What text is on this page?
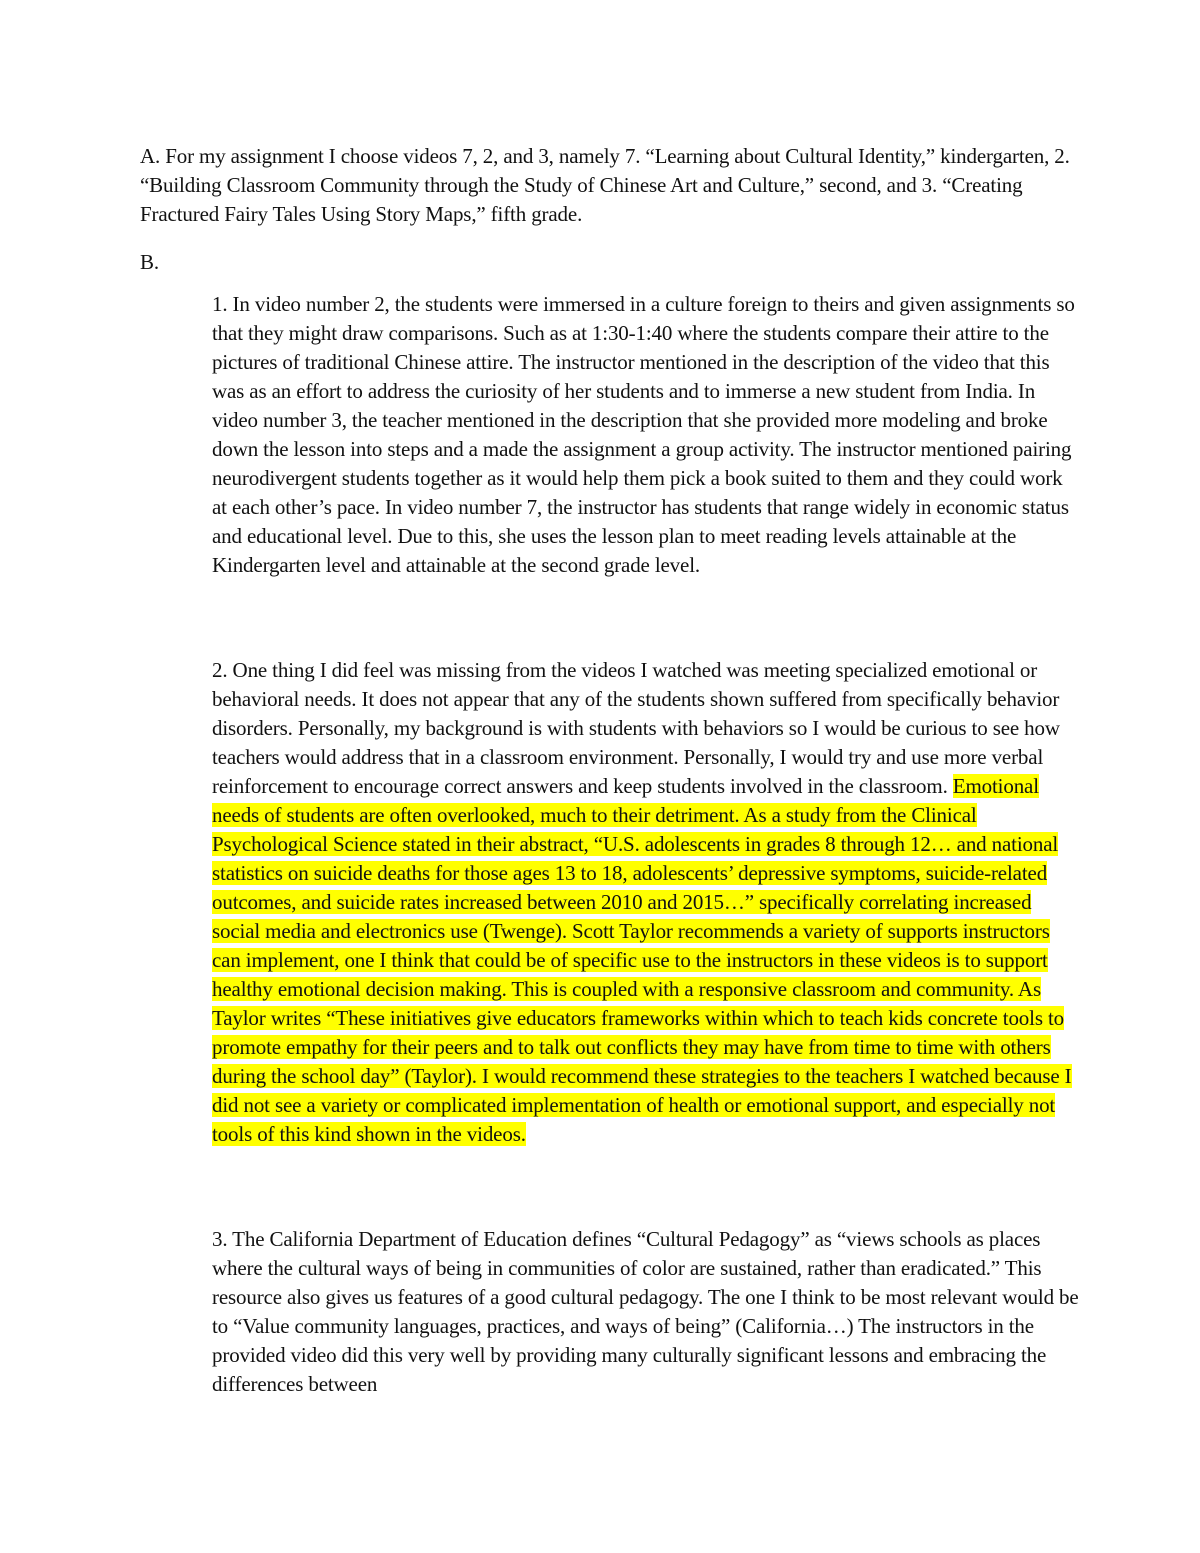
A. For my assignment I choose videos 7, 2, and 3, namely 7. “Learning about Cultural Identity,” kindergarten, 2. “Building Classroom Community through the Study of Chinese Art and Culture,” second, and 3. “Creating Fractured Fairy Tales Using Story Maps,” fifth grade.

B.

1. In video number 2, the students were immersed in a culture foreign to theirs and given assignments so that they might draw comparisons. Such as at 1:30-1:40 where the students compare their attire to the pictures of traditional Chinese attire. The instructor mentioned in the description of the video that this was as an effort to address the curiosity of her students and to immerse a new student from India. In video number 3, the teacher mentioned in the description that she provided more modeling and broke down the lesson into steps and a made the assignment a group activity. The instructor mentioned pairing neurodivergent students together as it would help them pick a book suited to them and they could work at each other’s pace. In video number 7, the instructor has students that range widely in economic status and educational level. Due to this, she uses the lesson plan to meet reading levels attainable at the Kindergarten level and attainable at the second grade level.

2. One thing I did feel was missing from the videos I watched was meeting specialized emotional or behavioral needs. It does not appear that any of the students shown suffered from specifically behavior disorders. Personally, my background is with students with behaviors so I would be curious to see how teachers would address that in a classroom environment. Personally, I would try and use more verbal reinforcement to encourage correct answers and keep students involved in the classroom. Emotional needs of students are often overlooked, much to their detriment. As a study from the Clinical Psychological Science stated in their abstract, “U.S. adolescents in grades 8 through 12… and national statistics on suicide deaths for those ages 13 to 18, adolescents’ depressive symptoms, suicide-related outcomes, and suicide rates increased between 2010 and 2015…” specifically correlating increased social media and electronics use (Twenge). Scott Taylor recommends a variety of supports instructors can implement, one I think that could be of specific use to the instructors in these videos is to support healthy emotional decision making. This is coupled with a responsive classroom and community. As Taylor writes “These initiatives give educators frameworks within which to teach kids concrete tools to promote empathy for their peers and to talk out conflicts they may have from time to time with others during the school day” (Taylor). I would recommend these strategies to the teachers I watched because I did not see a variety or complicated implementation of health or emotional support, and especially not tools of this kind shown in the videos.

3. The California Department of Education defines “Cultural Pedagogy” as “views schools as places where the cultural ways of being in communities of color are sustained, rather than eradicated.” This resource also gives us features of a good cultural pedagogy. The one I think to be most relevant would be to “Value community languages, practices, and ways of being” (California…) The instructors in the provided video did this very well by providing many culturally significant lessons and embracing the differences between
